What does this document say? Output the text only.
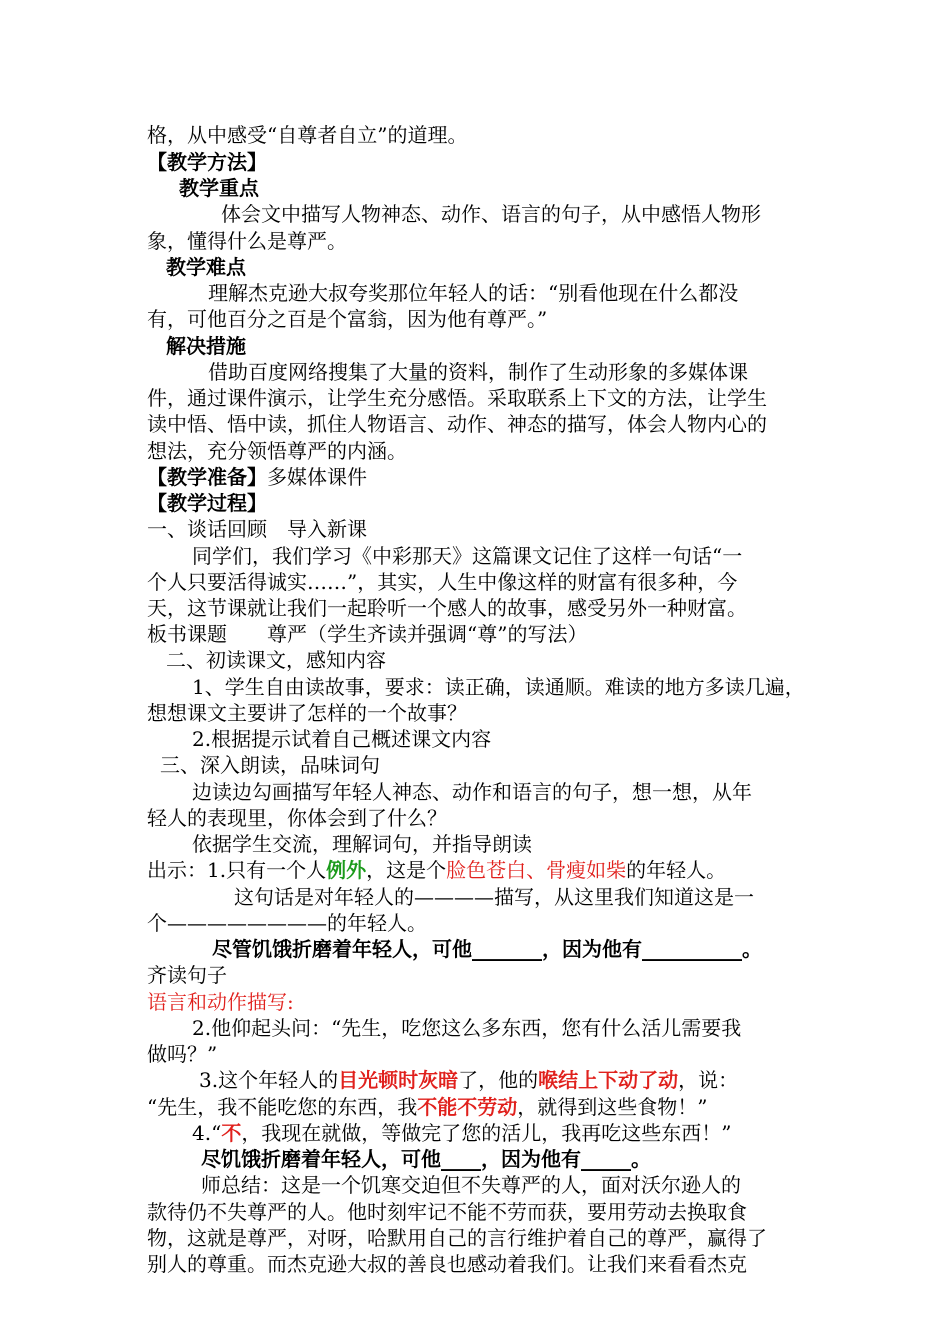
格，从中感受“自尊者自立”的道理。
【教学方法】
教学重点
体会文中描写人物神态、动作、语言的句子，从中感悟人物形
象，懂得什么是尊严。
教学难点
理解杰克逊大叔夸奖那位年轻人的话：“别看他现在什么都没
有，可他百分之百是个富翁，因为他有尊严。”
解决措施
借助百度网络搜集了大量的资料，制作了生动形象的多媒体课
件，通过课件演示，让学生充分感悟。采取联系上下文的方法，让学生
读中悟、悟中读，抓住人物语言、动作、神态的描写，体会人物内心的
想法，充分领悟尊严的内涵。
【教学准备】多媒体课件
【教学过程】
一、谈话回顾　导入新课
同学们，我们学习《中彩那天》这篇课文记住了这样一句话“一
个人只要活得诚实……”，其实，人生中像这样的财富有很多种，今
天，这节课就让我们一起聆听一个感人的故事，感受另外一种财富。
板书课题　　尊严（学生齐读并强调“尊”的写法）
二、初读课文，感知内容
1、学生自由读故事，要求：读正确，读通顺。难读的地方多读几遍，
想想课文主要讲了怎样的一个故事？
2.根据提示试着自己概述课文内容
三、深入朗读，品味词句
边读边勾画描写年轻人神态、动作和语言的句子，想一想，从年
轻人的表现里，你体会到了什么？
依据学生交流，理解词句，并指导朗读
出示：1.只有一个人例外，这是个脸色苍白、骨瘦如柴的年轻人。
这句话是对年轻人的————描写，从这里我们知道这是一
个————————的年轻人。
尽管饥饿折磨着年轻人，可他_______，因为他有__________。
齐读句子
语言和动作描写:
2.他仰起头问：“先生，吃您这么多东西，您有什么活儿需要我
做吗？”
3.这个年轻人的目光顿时灰暗了，他的喉结上下动了动，说：
“先生，我不能吃您的东西，我不能不劳动，就得到这些食物！”
4.“不，我现在就做，等做完了您的活儿，我再吃这些东西！”
尽饥饿折磨着年轻人，可他____，因为他有_____。
师总结：这是一个饥寒交迫但不失尊严的人，面对沃尔逊人的
款待仍不失尊严的人。他时刻牢记不能不劳而获，要用劳动去换取食
物，这就是尊严，对呀，哈默用自己的言行维护着自己的尊严，赢得了
别人的尊重。而杰克逊大叔的善良也感动着我们。让我们来看看杰克
